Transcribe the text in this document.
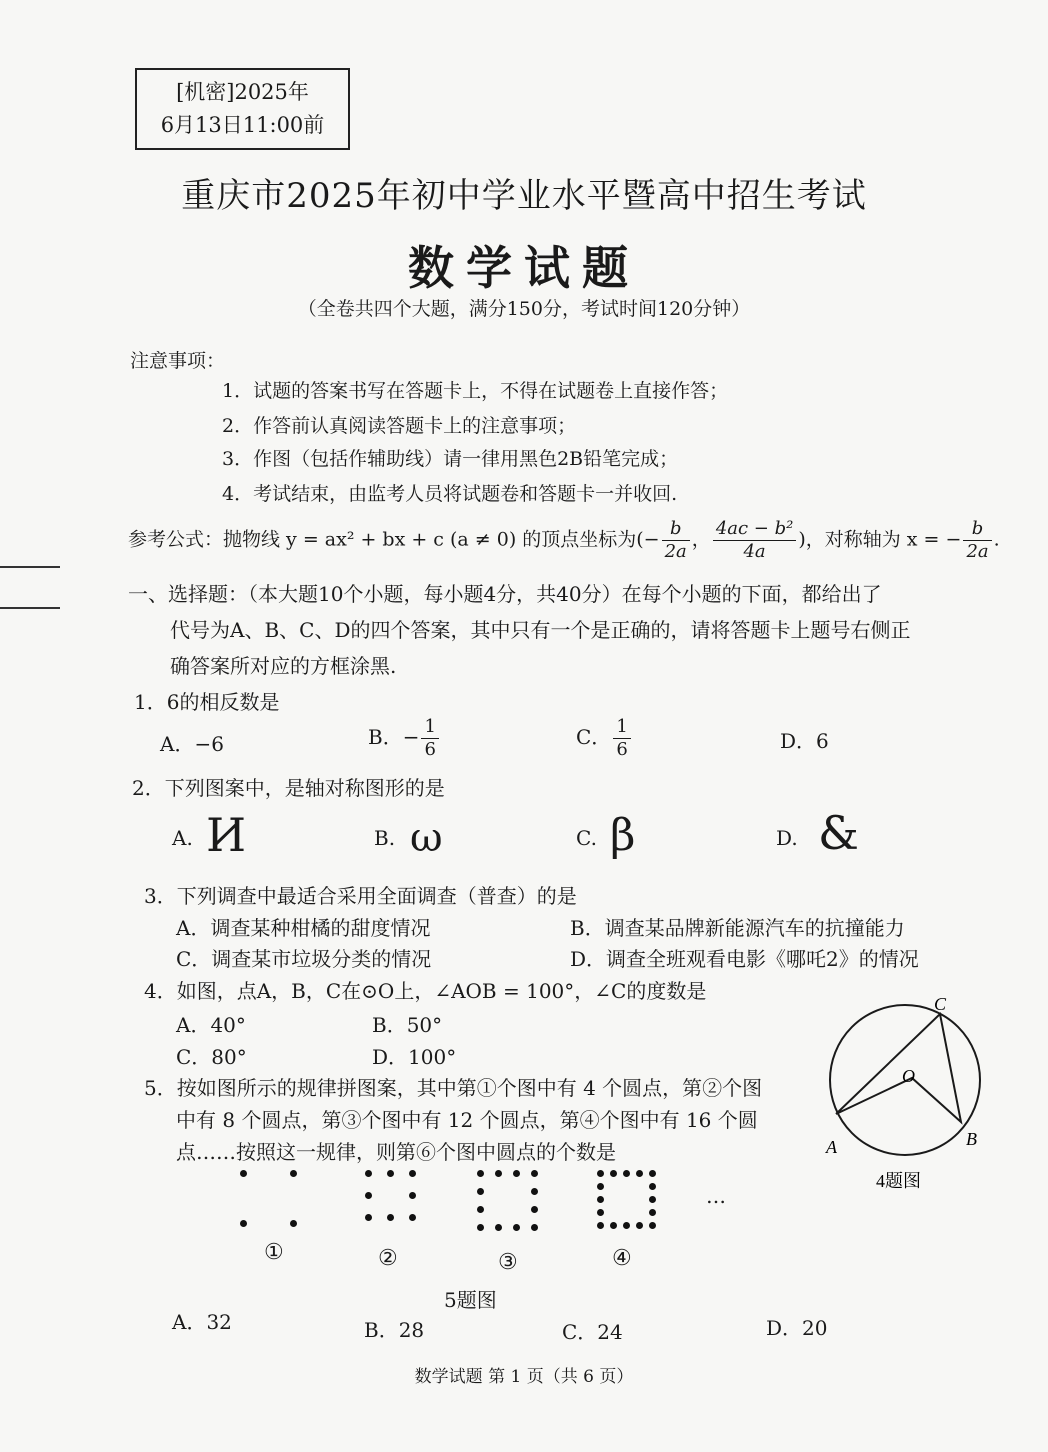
[机密]2025年
6月13日11:00前
重庆市2025年初中学业水平暨高中招生考试
数学试题
（全卷共四个大题，满分150分，考试时间120分钟）
注意事项：
1．试题的答案书写在答题卡上，不得在试题卷上直接作答；
2．作答前认真阅读答题卡上的注意事项；
3．作图（包括作辅助线）请一律用黑色2B铅笔完成；
4．考试结束，由监考人员将试题卷和答题卡一并收回.
参考公式：抛物线 y = ax² + bx + c (a ≠ 0) 的顶点坐标为(− $\frac{b}{2a}$ ， $\frac{\text{4ac − b²}}{4a}$ )，对称轴为 x = − $\frac{b}{2a}$ .
一、选择题：（本大题10个小题，每小题4分，共40分）在每个小题的下面，都给出了
代号为A、B、C、D的四个答案，其中只有一个是正确的，请将答题卡上题号右侧正
确答案所对应的方框涂黑.
1．6的相反数是
A．−6	B．− $\frac{1}{6}$	C． $\frac{1}{6}$	D．6
2．下列图案中，是轴对称图形的是
A. И	B. ω	C. β	D. &
3．下列调查中最适合采用全面调查（普查）的是
A．调查某种柑橘的甜度情况	B．调查某品牌新能源汽车的抗撞能力
C．调查某市垃圾分类的情况	D．调查全班观看电影《哪吒2》的情况
4．如图，点A，B，C在⊙O上，∠AOB = 100°，∠C的度数是
A．40°	B．50°
C．80°	D．100°
A	B
C
O
4题图
5．按如图所示的规律拼图案，其中第①个图中有 4 个圆点，第②个图
中有 8 个圆点，第③个图中有 12 个圆点，第④个图中有 16 个圆
点……按照这一规律，则第⑥个图中圆点的个数是
…
①	②	③	④
5题图
A．32	B．28	C．24	D．20
数学试题 第 1 页（共 6 页）
